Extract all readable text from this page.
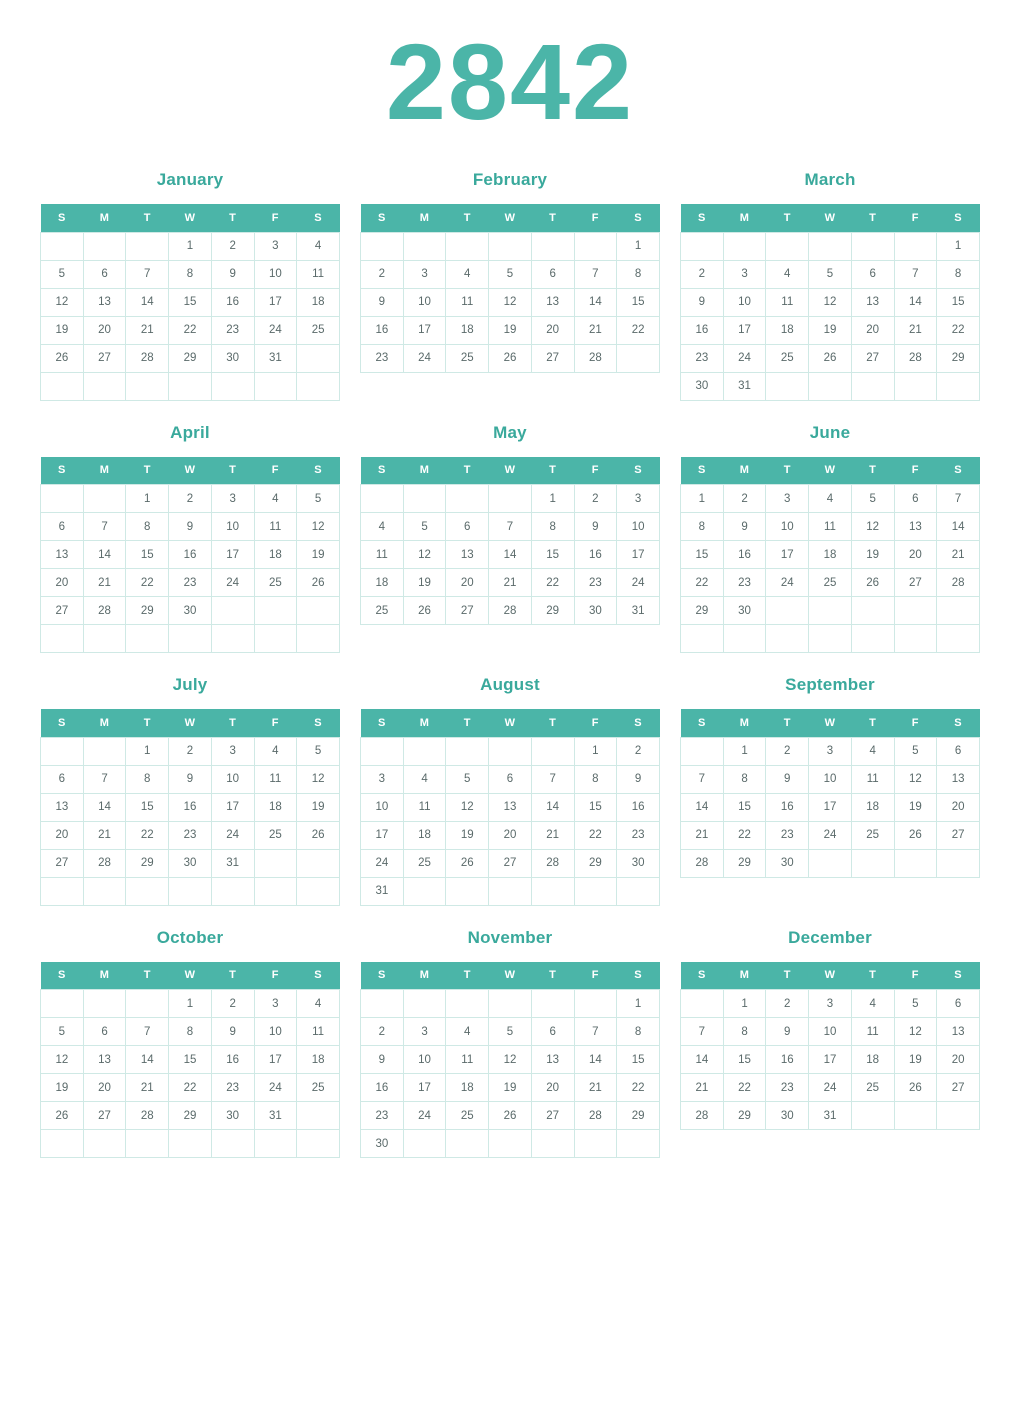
2842
January
S	M	T	W	T	F	S
			1	2	3	4
5	6	7	8	9	10	11
12	13	14	15	16	17	18
19	20	21	22	23	24	25
26	27	28	29	30	31	

February
S	M	T	W	T	F	S
						1
2	3	4	5	6	7	8
9	10	11	12	13	14	15
16	17	18	19	20	21	22
23	24	25	26	27	28	
March
S	M	T	W	T	F	S
						1
2	3	4	5	6	7	8
9	10	11	12	13	14	15
16	17	18	19	20	21	22
23	24	25	26	27	28	29
30	31					
April
S	M	T	W	T	F	S
		1	2	3	4	5
6	7	8	9	10	11	12
13	14	15	16	17	18	19
20	21	22	23	24	25	26
27	28	29	30			

May
S	M	T	W	T	F	S
				1	2	3
4	5	6	7	8	9	10
11	12	13	14	15	16	17
18	19	20	21	22	23	24
25	26	27	28	29	30	31
June
S	M	T	W	T	F	S
1	2	3	4	5	6	7
8	9	10	11	12	13	14
15	16	17	18	19	20	21
22	23	24	25	26	27	28
29	30					

July
S	M	T	W	T	F	S
		1	2	3	4	5
6	7	8	9	10	11	12
13	14	15	16	17	18	19
20	21	22	23	24	25	26
27	28	29	30	31		

August
S	M	T	W	T	F	S
					1	2
3	4	5	6	7	8	9
10	11	12	13	14	15	16
17	18	19	20	21	22	23
24	25	26	27	28	29	30
31						
September
S	M	T	W	T	F	S
	1	2	3	4	5	6
7	8	9	10	11	12	13
14	15	16	17	18	19	20
21	22	23	24	25	26	27
28	29	30				
October
S	M	T	W	T	F	S
			1	2	3	4
5	6	7	8	9	10	11
12	13	14	15	16	17	18
19	20	21	22	23	24	25
26	27	28	29	30	31	

November
S	M	T	W	T	F	S
						1
2	3	4	5	6	7	8
9	10	11	12	13	14	15
16	17	18	19	20	21	22
23	24	25	26	27	28	29
30						
December
S	M	T	W	T	F	S
	1	2	3	4	5	6
7	8	9	10	11	12	13
14	15	16	17	18	19	20
21	22	23	24	25	26	27
28	29	30	31			
